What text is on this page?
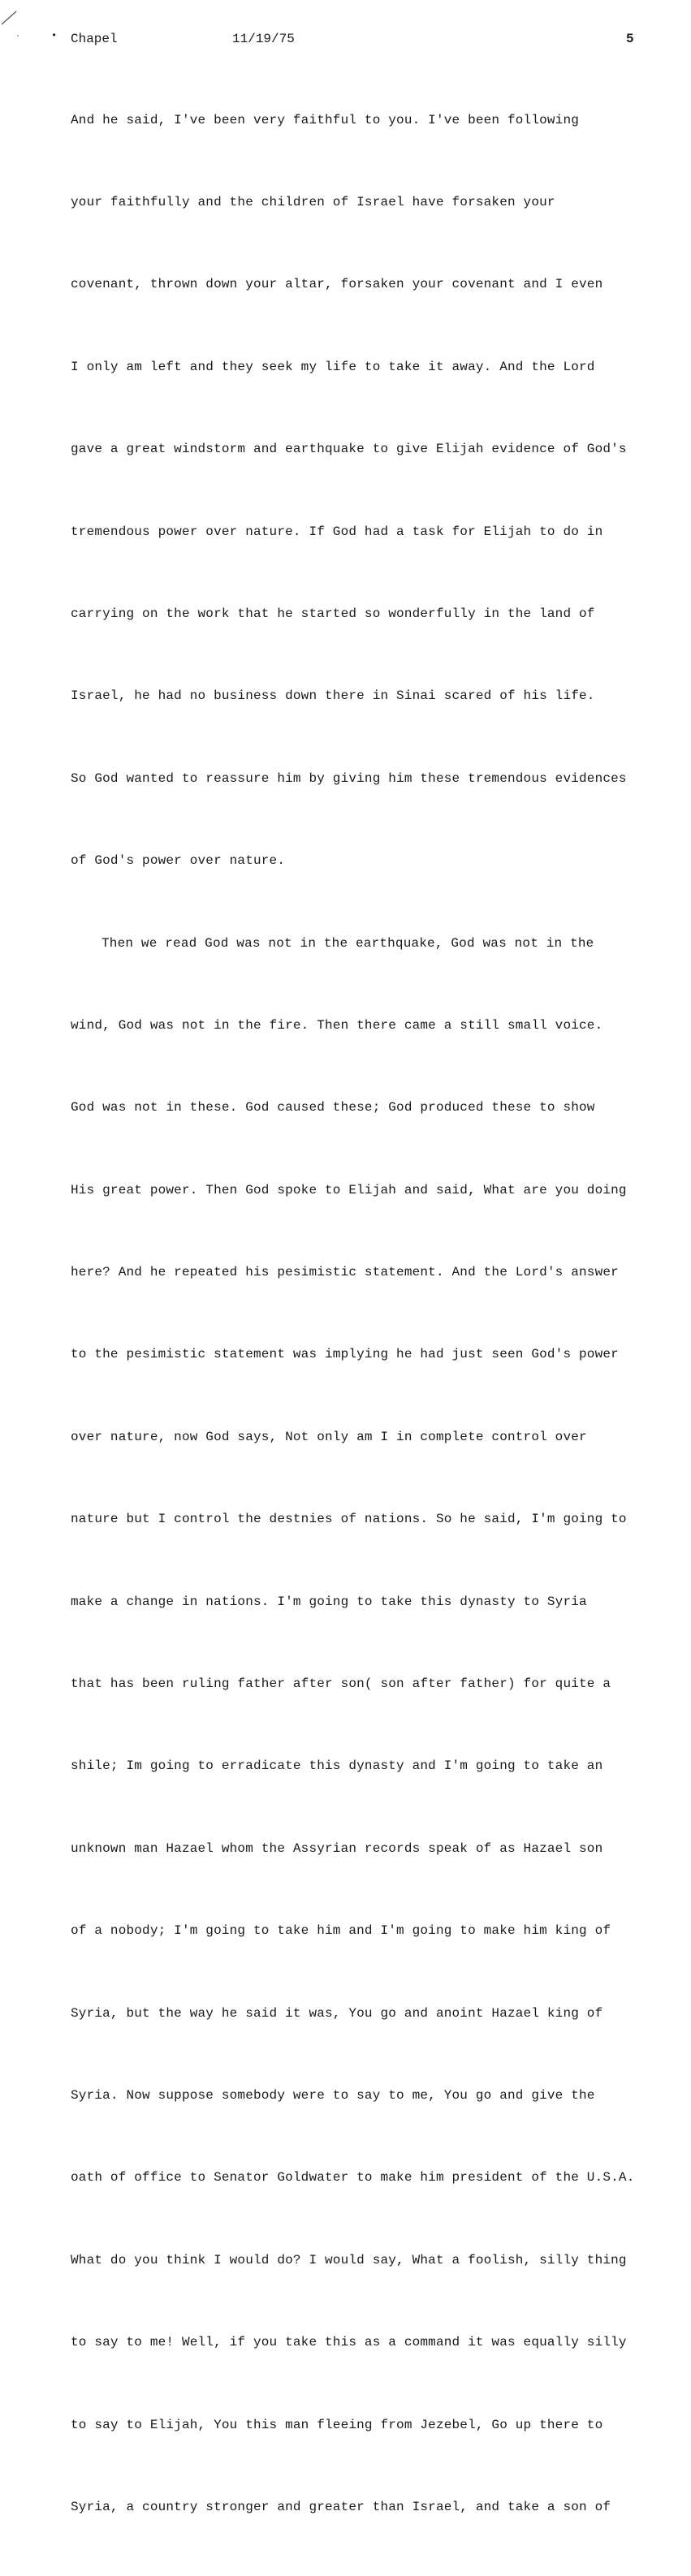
• Chapel	11/19/75	5

And he said, I've been very faithful to you. I've been following

your faithfully and the children of Israel have forsaken your

covenant, thrown down your altar, forsaken your covenant and I even

I only am left and they seek my life to take it away. And the Lord

gave a great windstorm and earthquake to give Elijah evidence of God's

tremendous power over nature. If God had a task for Elijah to do in

carrying on the work that he started so wonderfully in the land of

Israel, he had no business down there in Sinai scared of his life.

So God wanted to reassure him by giving him these tremendous evidences

of God's power over nature.

Then we read God was not in the earthquake, God was not in the

wind, God was not in the fire. Then there came a still small voice.

God was not in these. God caused these; God produced these to show

His great power. Then God spoke to Elijah and said, What are you doing

here? And he repeated his pesimistic statement. And the Lord's answer

to the pesimistic statement was implying he had just seen God's power

over nature, now God says, Not only am I in complete control over

nature but I control the destnies of nations. So he said, I'm going to

make a change in nations. I'm going to take this dynasty to Syria

that has been ruling father after son( son after father) for quite a

shile; Im going to erradicate this dynasty and I'm going to take an

unknown man Hazael whom the Assyrian records speak of as Hazael son

of a nobody; I'm going to take him and I'm going to make him king of

Syria, but the way he said it was, You go and anoint Hazael king of

Syria. Now suppose somebody were to say to me, You go and give the

oath of office to Senator Goldwater to make him president of the U.S.A.

What do you think I would do? I would say, What a foolish, silly thing

to say to me! Well, if you take this as a command it was equally silly

to say to Elijah, You this man fleeing from Jezebel, Go up there to

Syria, a country stronger and greater than Israel, and take a son of
